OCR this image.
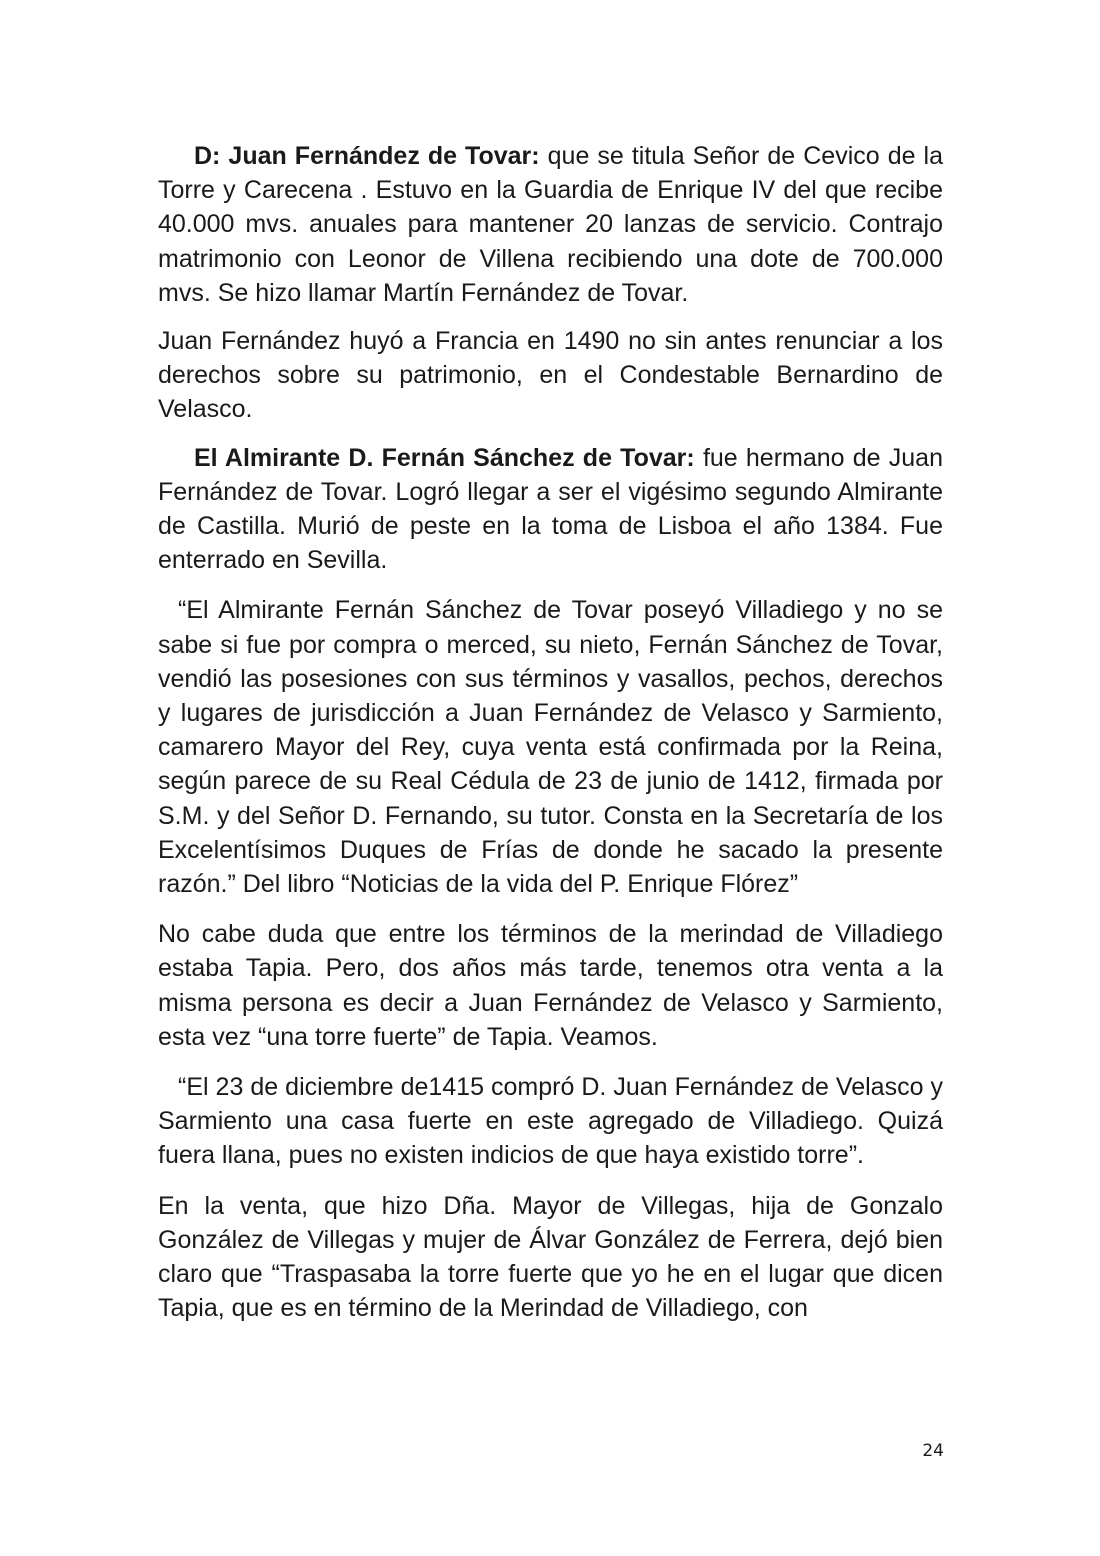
D: Juan Fernández de Tovar: que se titula Señor de Cevico de la Torre y Carecena . Estuvo en la Guardia de Enrique IV del que recibe 40.000 mvs. anuales para mantener 20 lanzas de servicio. Contrajo matrimonio con Leonor de Villena recibiendo una dote de 700.000 mvs. Se hizo llamar Martín Fernández de Tovar.

Juan Fernández huyó a Francia en 1490 no sin antes renunciar a los derechos sobre su patrimonio, en el Condestable Bernardino de Velasco.

El Almirante D. Fernán Sánchez de Tovar: fue hermano de Juan Fernández de Tovar. Logró llegar a ser el vigésimo segundo Almirante de Castilla. Murió de peste en la toma de Lisboa el año 1384. Fue enterrado en Sevilla.

“El Almirante Fernán Sánchez de Tovar poseyó Villadiego y no se sabe si fue por compra o merced, su nieto, Fernán Sánchez de Tovar, vendió las posesiones con sus términos y vasallos, pechos, derechos y lugares de jurisdicción a Juan Fernández de Velasco y Sarmiento, camarero Mayor del Rey, cuya venta está confirmada por la Reina, según parece de su Real Cédula de 23 de junio de 1412, firmada por S.M. y del Señor D. Fernando, su tutor. Consta en la Secretaría de los Excelentísimos Duques de Frías de donde he sacado la presente razón.” Del libro “Noticias de la vida del P. Enrique Flórez”

No cabe duda que entre los términos de la merindad de Villadiego estaba Tapia. Pero, dos años más tarde, tenemos otra venta a la misma persona es decir a Juan Fernández de Velasco y Sarmiento, esta vez “una torre fuerte” de Tapia. Veamos.

“El 23 de diciembre de1415 compró D. Juan Fernández de Velasco y Sarmiento una casa fuerte en este agregado de Villadiego. Quizá fuera llana, pues no existen indicios de que haya existido torre”.

En la venta, que hizo Dña. Mayor de Villegas, hija de Gonzalo González de Villegas y mujer de Álvar González de Ferrera, dejó bien claro que “Traspasaba la torre fuerte que yo he en el lugar que dicen Tapia, que es en término de la Merindad de Villadiego, con

24
